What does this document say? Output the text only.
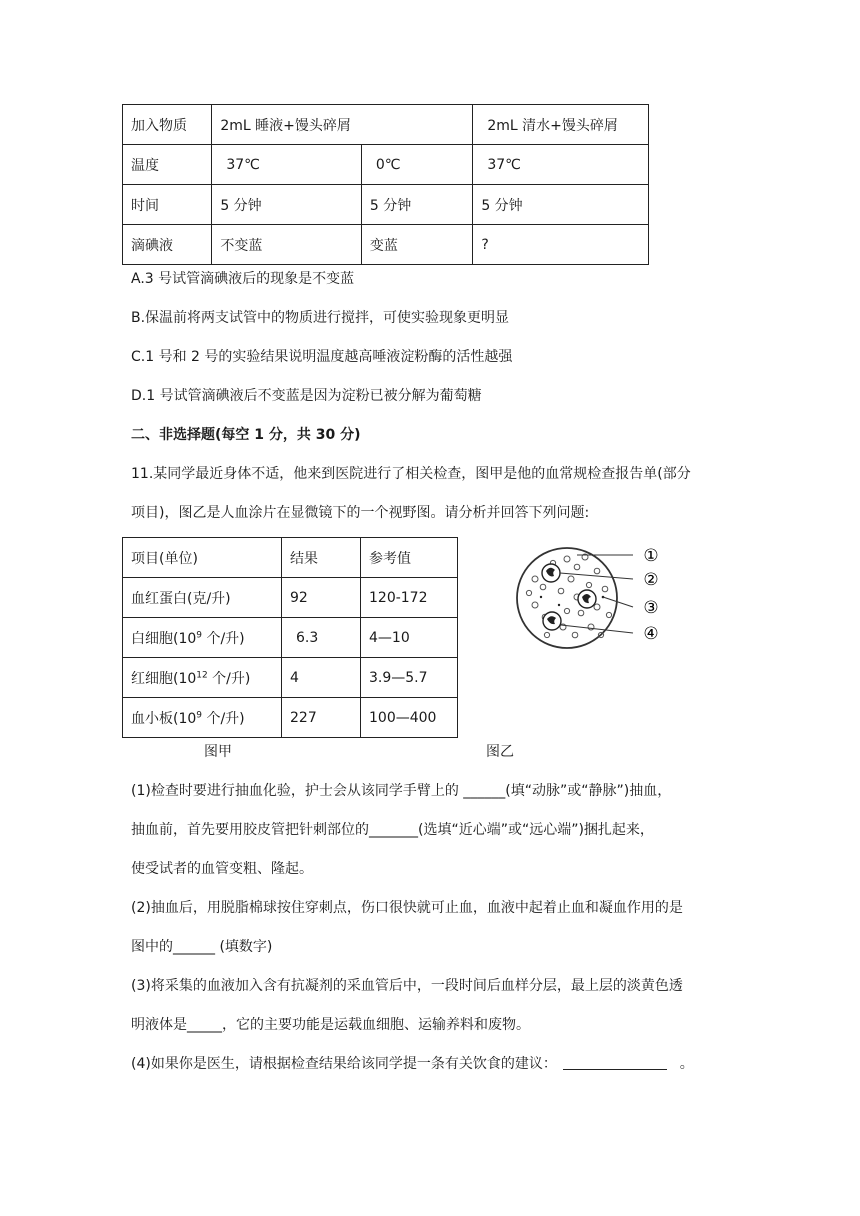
加入物质	2mL 睡液+馒头碎屑		2mL 清水+馒头碎屑
温度	37℃	0℃	37℃
时间	5 分钟	5 分钟	5 分钟
滴碘液	不变蓝	变蓝	?
A.3 号试管滴碘液后的现象是不变蓝
B.保温前将两支试管中的物质进行搅拌，可使实验现象更明显
C.1 号和 2 号的实验结果说明温度越高唾液淀粉酶的活性越强
D.1 号试管滴碘液后不变蓝是因为淀粉已被分解为葡萄糖
二、非选择题(每空 1 分，共 30 分)
11.某同学最近身体不适，他来到医院进行了相关检查，图甲是他的血常规检查报告单(部分
项目)，图乙是人血涂片在显微镜下的一个视野图。请分析并回答下列问题:
项目(单位)	结果	参考值
血红蛋白(克/升)	92	120-172
白细胞($10^9$ 个/升)	6.3	4—10
红细胞($10^{12}$ 个/升)	4	3.9—5.7
血小板($10^9$ 个/升)	227	100—400
①
②
③
④
图甲	图乙
(1)检查时要进行抽血化验，护士会从该同学手臂上的 ______(填“动脉”或“静脉”)抽血，
抽血前，首先要用胶皮管把针刺部位的_______(选填“近心端”或“远心端”)捆扎起来，
使受试者的血管变粗、隆起。
(2)抽血后，用脱脂棉球按住穿刺点，伤口很快就可止血，血液中起着止血和凝血作用的是
图中的______ (填数字)
(3)将采集的血液加入含有抗凝剂的采血管后中，一段时间后血样分层，最上层的淡黄色透
明液体是_____，它的主要功能是运载血细胞、运输养料和废物。
(4)如果你是医生，请根据检查结果给该同学提一条有关饮食的建议：	。
